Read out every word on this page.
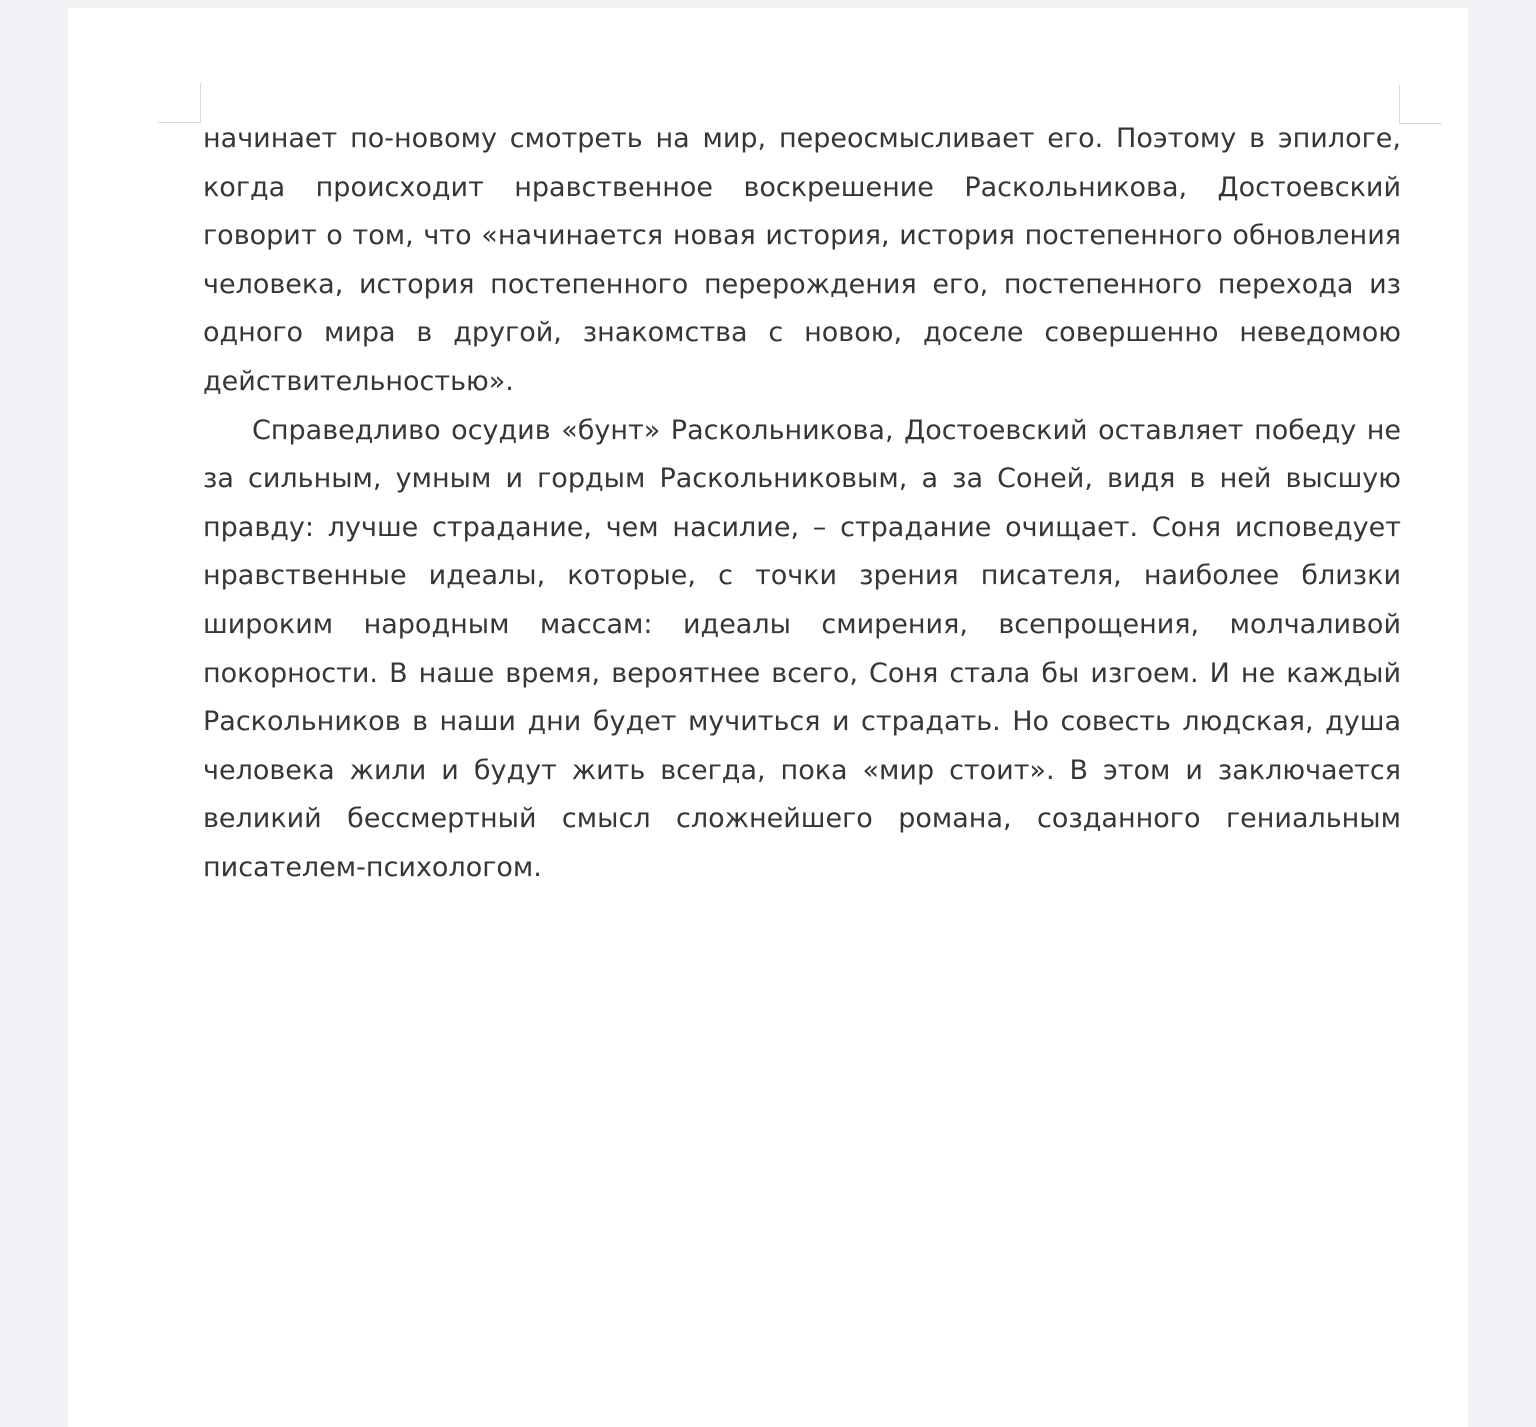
начинает по-новому смотреть на мир, переосмысливает его. Поэтому в эпилоге, когда происходит нравственное воскрешение Раскольникова, Достоевский говорит о том, что «начинается новая история, история постепенного обновления человека, история постепенного перерождения его, постепенного перехода из одного мира в другой, знакомства с новою, доселе совершенно неведомою действительностью».

Справедливо осудив «бунт» Раскольникова, Достоевский оставляет победу не за сильным, умным и гордым Раскольниковым, а за Соней, видя в ней высшую правду: лучше страдание, чем насилие, – страдание очищает. Соня исповедует нравственные идеалы, которые, с точки зрения писателя, наиболее близки широким народным массам: идеалы смирения, всепрощения, молчаливой покорности. В наше время, вероятнее всего, Соня стала бы изгоем. И не каждый Раскольников в наши дни будет мучиться и страдать. Но совесть людская, душа человека жили и будут жить всегда, пока «мир стоит». В этом и заключается великий бессмертный смысл сложнейшего романа, созданного гениальным писателем-психологом.
